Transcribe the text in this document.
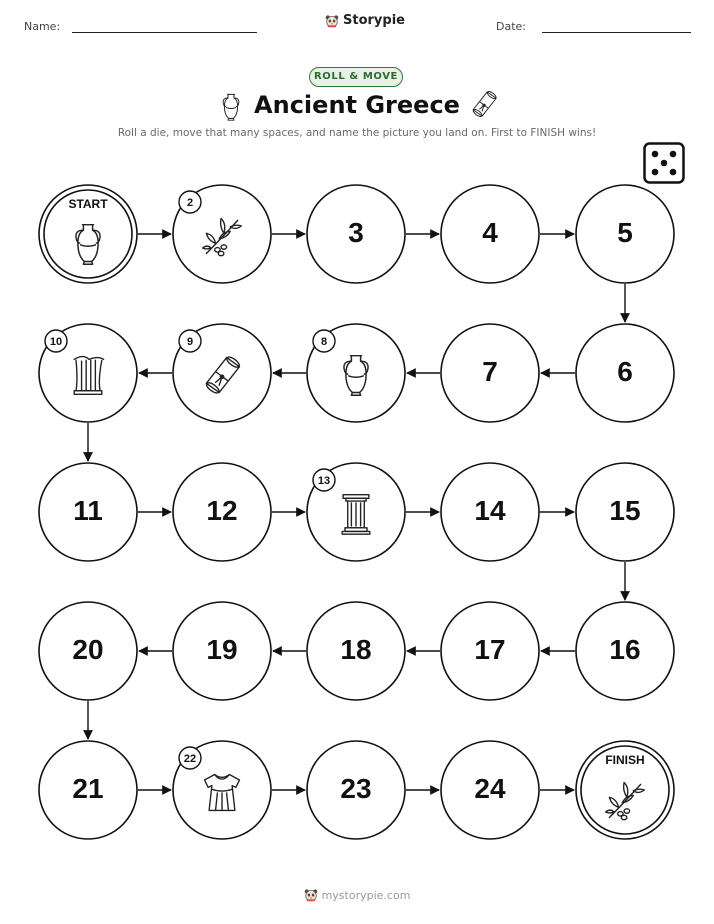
Name:	Storypie	Date:
ROLL & MOVE
Ancient Greece
Roll a die, move that many spaces, and name the picture you land on. First to FINISH wins!
2
8
9
10
13
22
START
3	4	5
6
7
11	12	14	15
16
17
18
19
20
21	23	24
FINISH
mystorypie.com
